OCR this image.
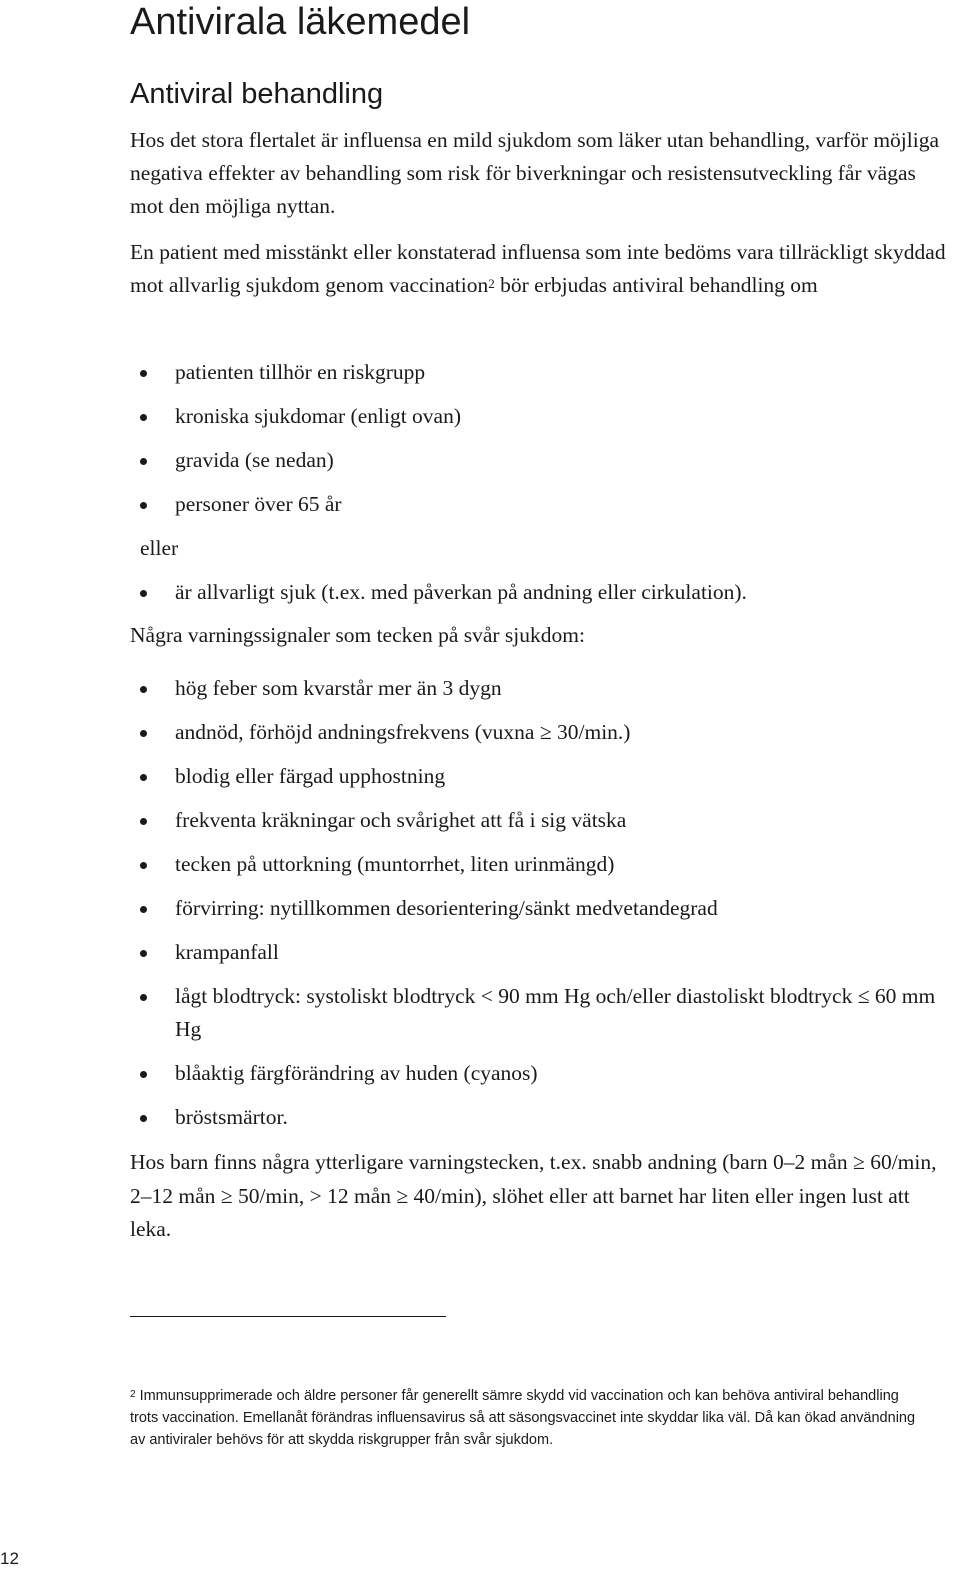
Antivirala läkemedel
Antiviral behandling

Hos det stora flertalet är influensa en mild sjukdom som läker utan behandling, varför möjliga negativa effekter av behandling som risk för biverkningar och resistensutveckling får vägas mot den möjliga nyttan.

En patient med misstänkt eller konstaterad influensa som inte bedöms vara tillräckligt skyddad mot allvarlig sjukdom genom vaccination$^2$ bör erbjudas antiviral behandling om

patienten tillhör en riskgrupp
kroniska sjukdomar (enligt ovan)
gravida (se nedan)
personer över 65 år
eller
är allvarligt sjuk (t.ex. med påverkan på andning eller cirkulation).

Några varningssignaler som tecken på svår sjukdom:

hög feber som kvarstår mer än 3 dygn
andnöd, förhöjd andningsfrekvens (vuxna ≥ 30/min.)
blodig eller färgad upphostning
frekventa kräkningar och svårighet att få i sig vätska
tecken på uttorkning (muntorrhet, liten urinmängd)
förvirring: nytillkommen desorientering/sänkt medvetandegrad
krampanfall
lågt blodtryck: systoliskt blodtryck < 90 mm Hg och/eller diastoliskt blodtryck ≤ 60 mm Hg
blåaktig färgförändring av huden (cyanos)
bröstsmärtor.

Hos barn finns några ytterligare varningstecken, t.ex. snabb andning (barn 0–2 mån ≥ 60/min, 2–12 mån ≥ 50/min, > 12 mån ≥ 40/min), slöhet eller att barnet har liten eller ingen lust att leka.

$^2$ Immunsupprimerade och äldre personer får generellt sämre skydd vid vaccination och kan behöva antiviral behandling trots vaccination. Emellanåt förändras influensavirus så att säsongsvaccinet inte skyddar lika väl. Då kan ökad användning av antiviraler behövs för att skydda riskgrupper från svår sjukdom.

12
